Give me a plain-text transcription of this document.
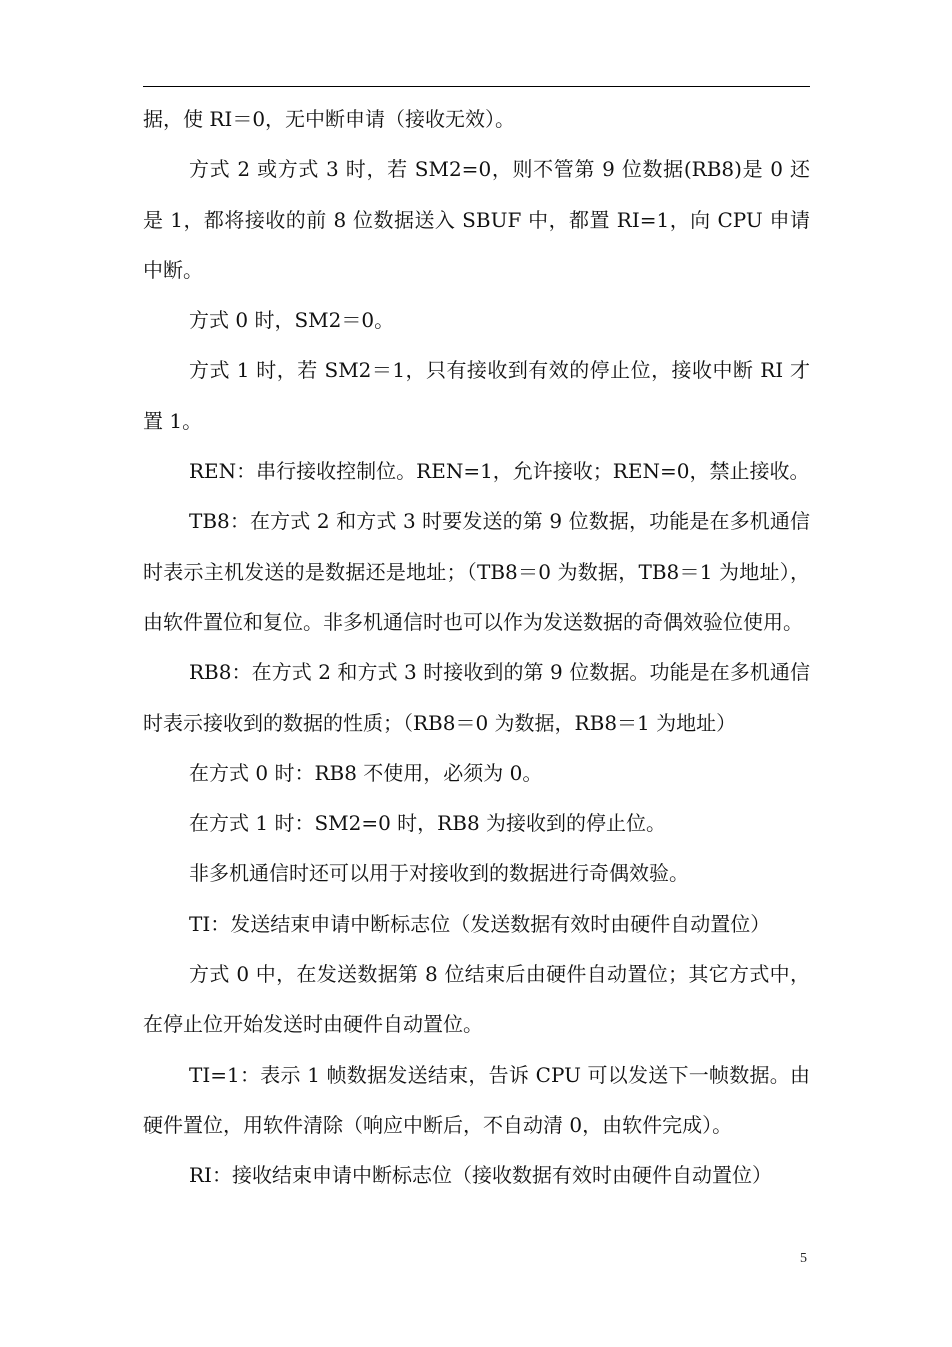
据，使 RI＝0，无中断申请（接收无效）。

方式 2 或方式 3 时，若 SM2=0，则不管第 9 位数据(RB8)是 0 还是 1，都将接收的前 8 位数据送入 SBUF 中，都置 RI=1，向 CPU 申请中断。

方式 0 时，SM2＝0。

方式 1 时，若 SM2＝1，只有接收到有效的停止位，接收中断 RI 才置 1。

REN：串行接收控制位。REN=1，允许接收；REN=0，禁止接收。

TB8：在方式 2 和方式 3 时要发送的第 9 位数据，功能是在多机通信时表示主机发送的是数据还是地址；（TB8＝0 为数据，TB8＝1 为地址），由软件置位和复位。非多机通信时也可以作为发送数据的奇偶效验位使用。

RB8：在方式 2 和方式 3 时接收到的第 9 位数据。功能是在多机通信时表示接收到的数据的性质；（RB8＝0 为数据，RB8＝1 为地址）

在方式 0 时：RB8 不使用，必须为 0。

在方式 1 时：SM2=0 时，RB8 为接收到的停止位。

非多机通信时还可以用于对接收到的数据进行奇偶效验。

TI：发送结束申请中断标志位（发送数据有效时由硬件自动置位）

方式 0 中，在发送数据第 8 位结束后由硬件自动置位；其它方式中，在停止位开始发送时由硬件自动置位。

TI=1：表示 1 帧数据发送结束，告诉 CPU 可以发送下一帧数据。由硬件置位，用软件清除（响应中断后，不自动清 0，由软件完成）。

RI：接收结束申请中断标志位（接收数据有效时由硬件自动置位）

5
